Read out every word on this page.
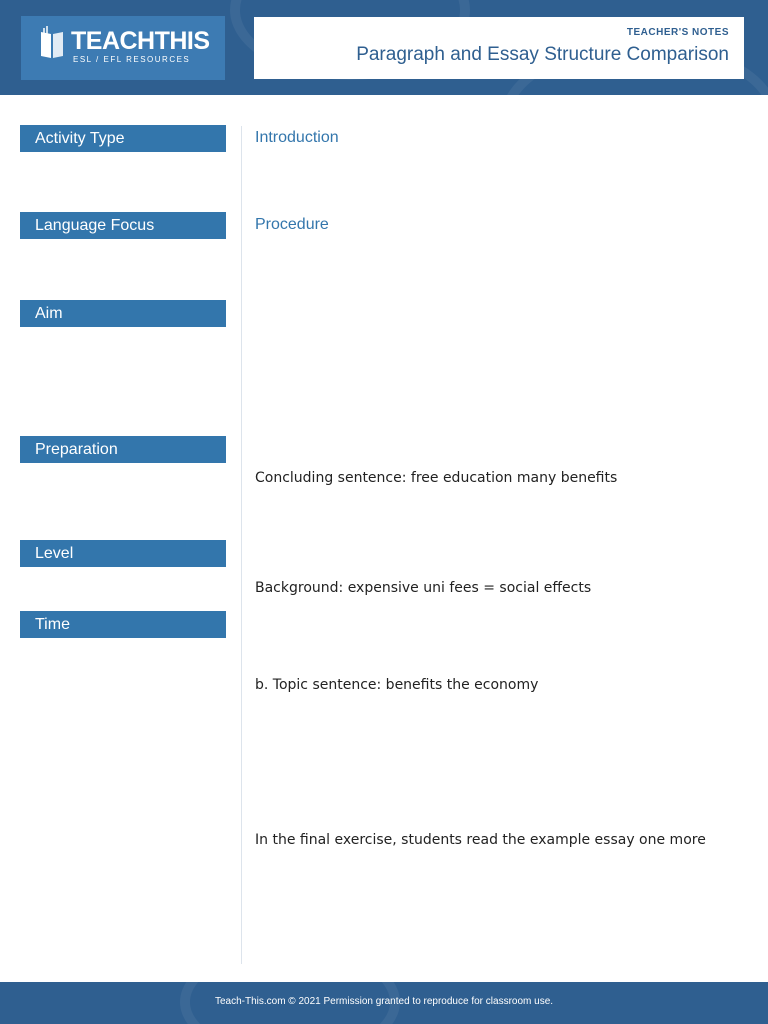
TEACHTHIS
ESL / EFL RESOURCES
TEACHER'S NOTES
Paragraph and Essay Structure Comparison
Activity Type
Language Focus
Aim
Preparation
Level
Time
Introduction
Procedure
Concluding sentence: free education many benefits
Background: expensive uni fees = social effects
b. Topic sentence: benefits the economy
In the final exercise, students read the example essay one more
Teach-This.com © 2021 Permission granted to reproduce for classroom use.
